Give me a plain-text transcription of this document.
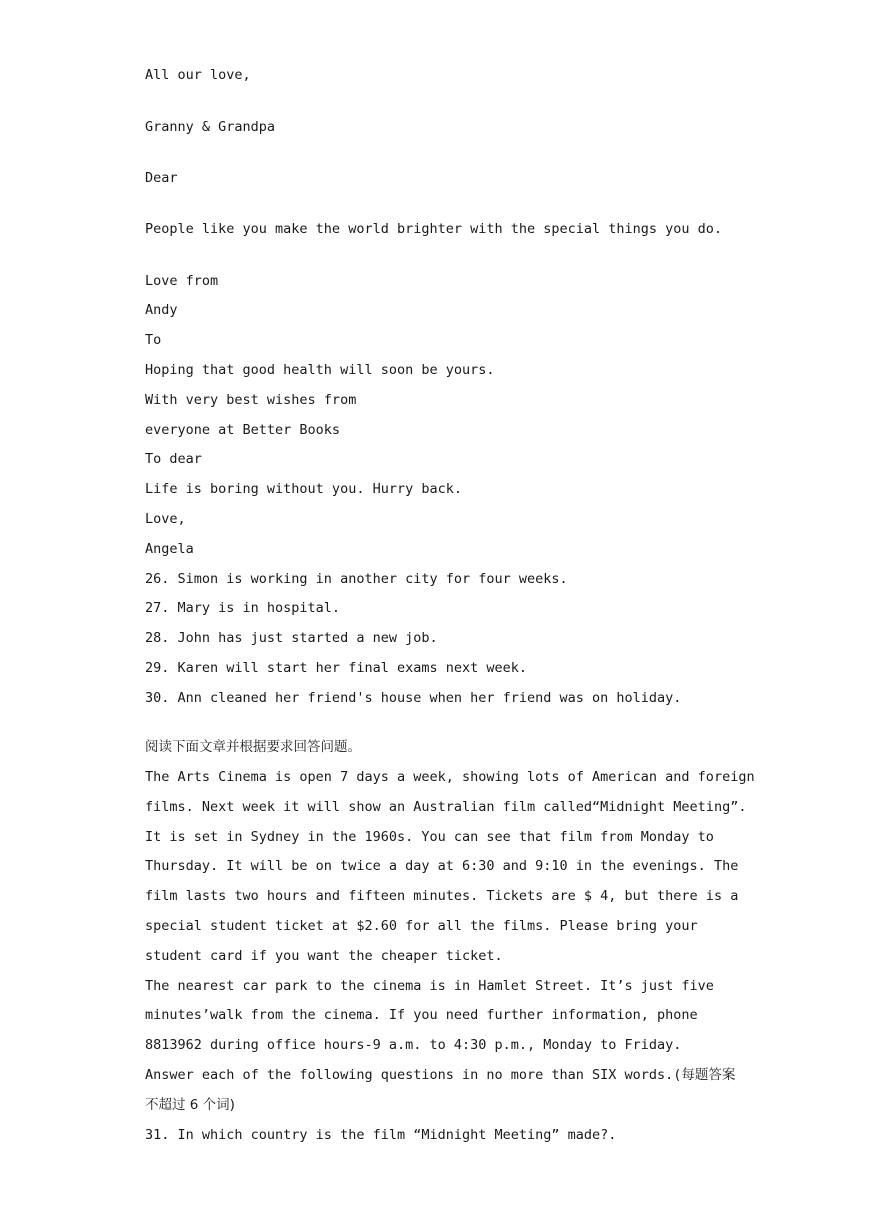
All our love,
Granny & Grandpa
Dear
People like you make the world brighter with the special things you do.
Love from
Andy
To
Hoping that good health will soon be yours.
With very best wishes from
everyone at Better Books
To dear
Life is boring without you. Hurry back.
Love,
Angela
26. Simon is working in another city for four weeks.
27. Mary is in hospital.
28. John has just started a new job.
29. Karen will start her final exams next week.
30. Ann cleaned her friend's house when her friend was on holiday.
阅读下面文章并根据要求回答问题。
The Arts Cinema is open 7 days a week, showing lots of American and foreign
films. Next week it will show an Australian film called“Midnight Meeting”.
It is set in Sydney in the 1960s. You can see that film from Monday to
Thursday. It will be on twice a day at 6:30 and 9:10 in the evenings. The
film lasts two hours and fifteen minutes. Tickets are $ 4, but there is a
special student ticket at $2.60 for all the films. Please bring your
student card if you want the cheaper ticket.
The nearest car park to the cinema is in Hamlet Street. It’s just five
minutes’walk from the cinema. If you need further information, phone
8813962 during office hours-9 a.m. to 4:30 p.m., Monday to Friday.
Answer each of the following questions in no more than SIX words.(每题答案
不超过 6 个词)
31. In which country is the film “Midnight Meeting” made?.
